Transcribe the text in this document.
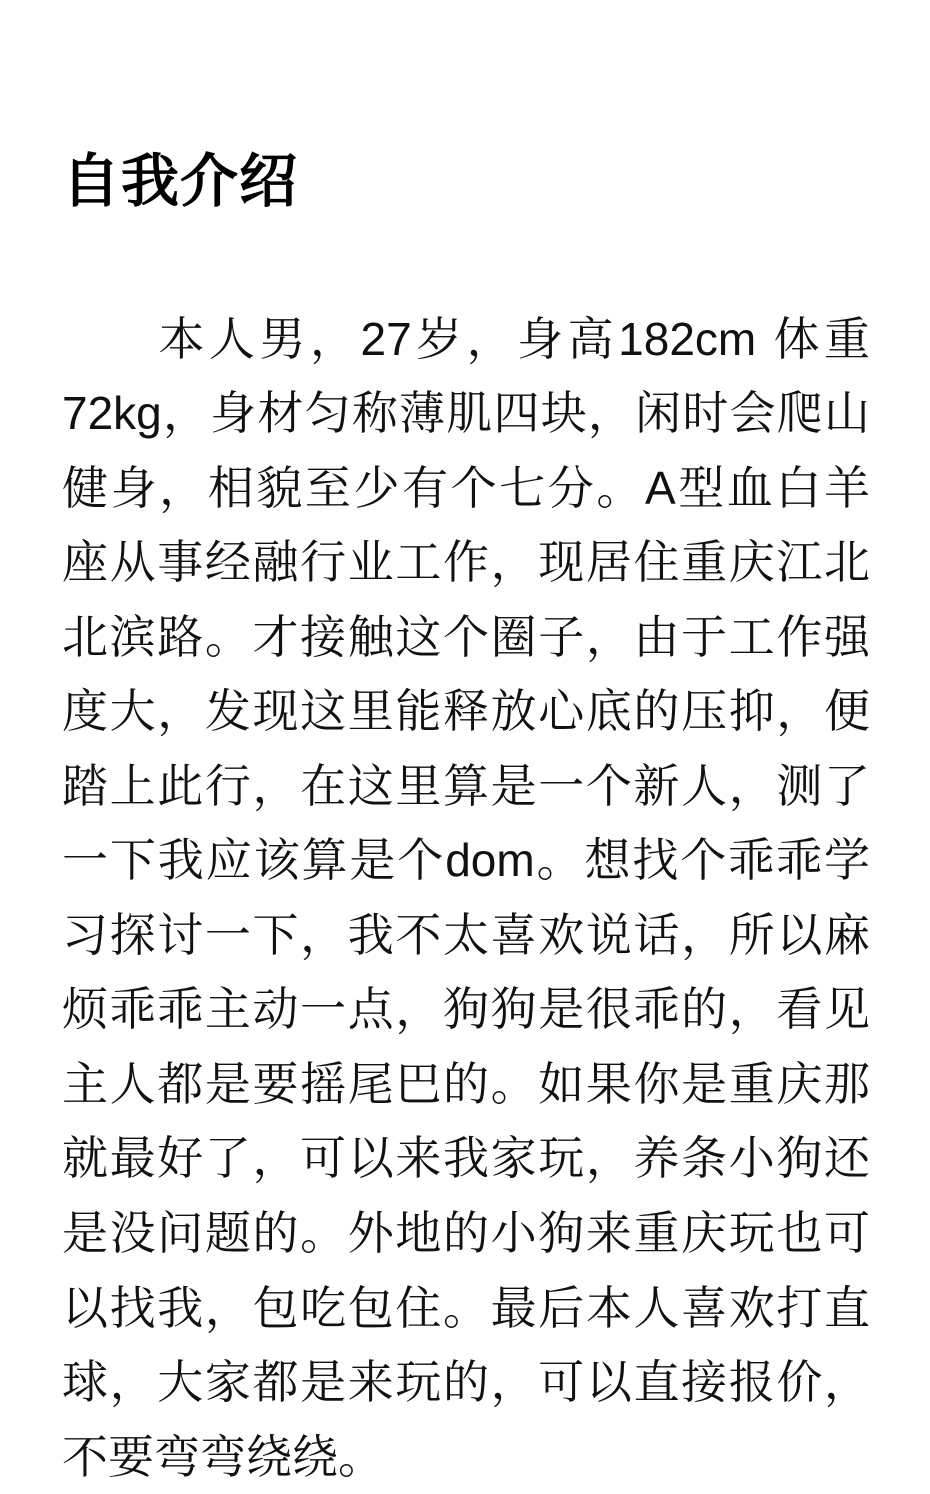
自我介绍

本人男，27岁，身高182cm 体重72kg，身材匀称薄肌四块，闲时会爬山健身，相貌至少有个七分。A型血白羊座从事经融行业工作，现居住重庆江北北滨路。才接触这个圈子，由于工作强度大，发现这里能释放心底的压抑，便踏上此行，在这里算是一个新人，测了一下我应该算是个dom。想找个乖乖学习探讨一下，我不太喜欢说话，所以麻烦乖乖主动一点，狗狗是很乖的，看见主人都是要摇尾巴的。如果你是重庆那就最好了，可以来我家玩，养条小狗还是没问题的。外地的小狗来重庆玩也可以找我，包吃包住。最后本人喜欢打直球，大家都是来玩的，可以直接报价，不要弯弯绕绕。
